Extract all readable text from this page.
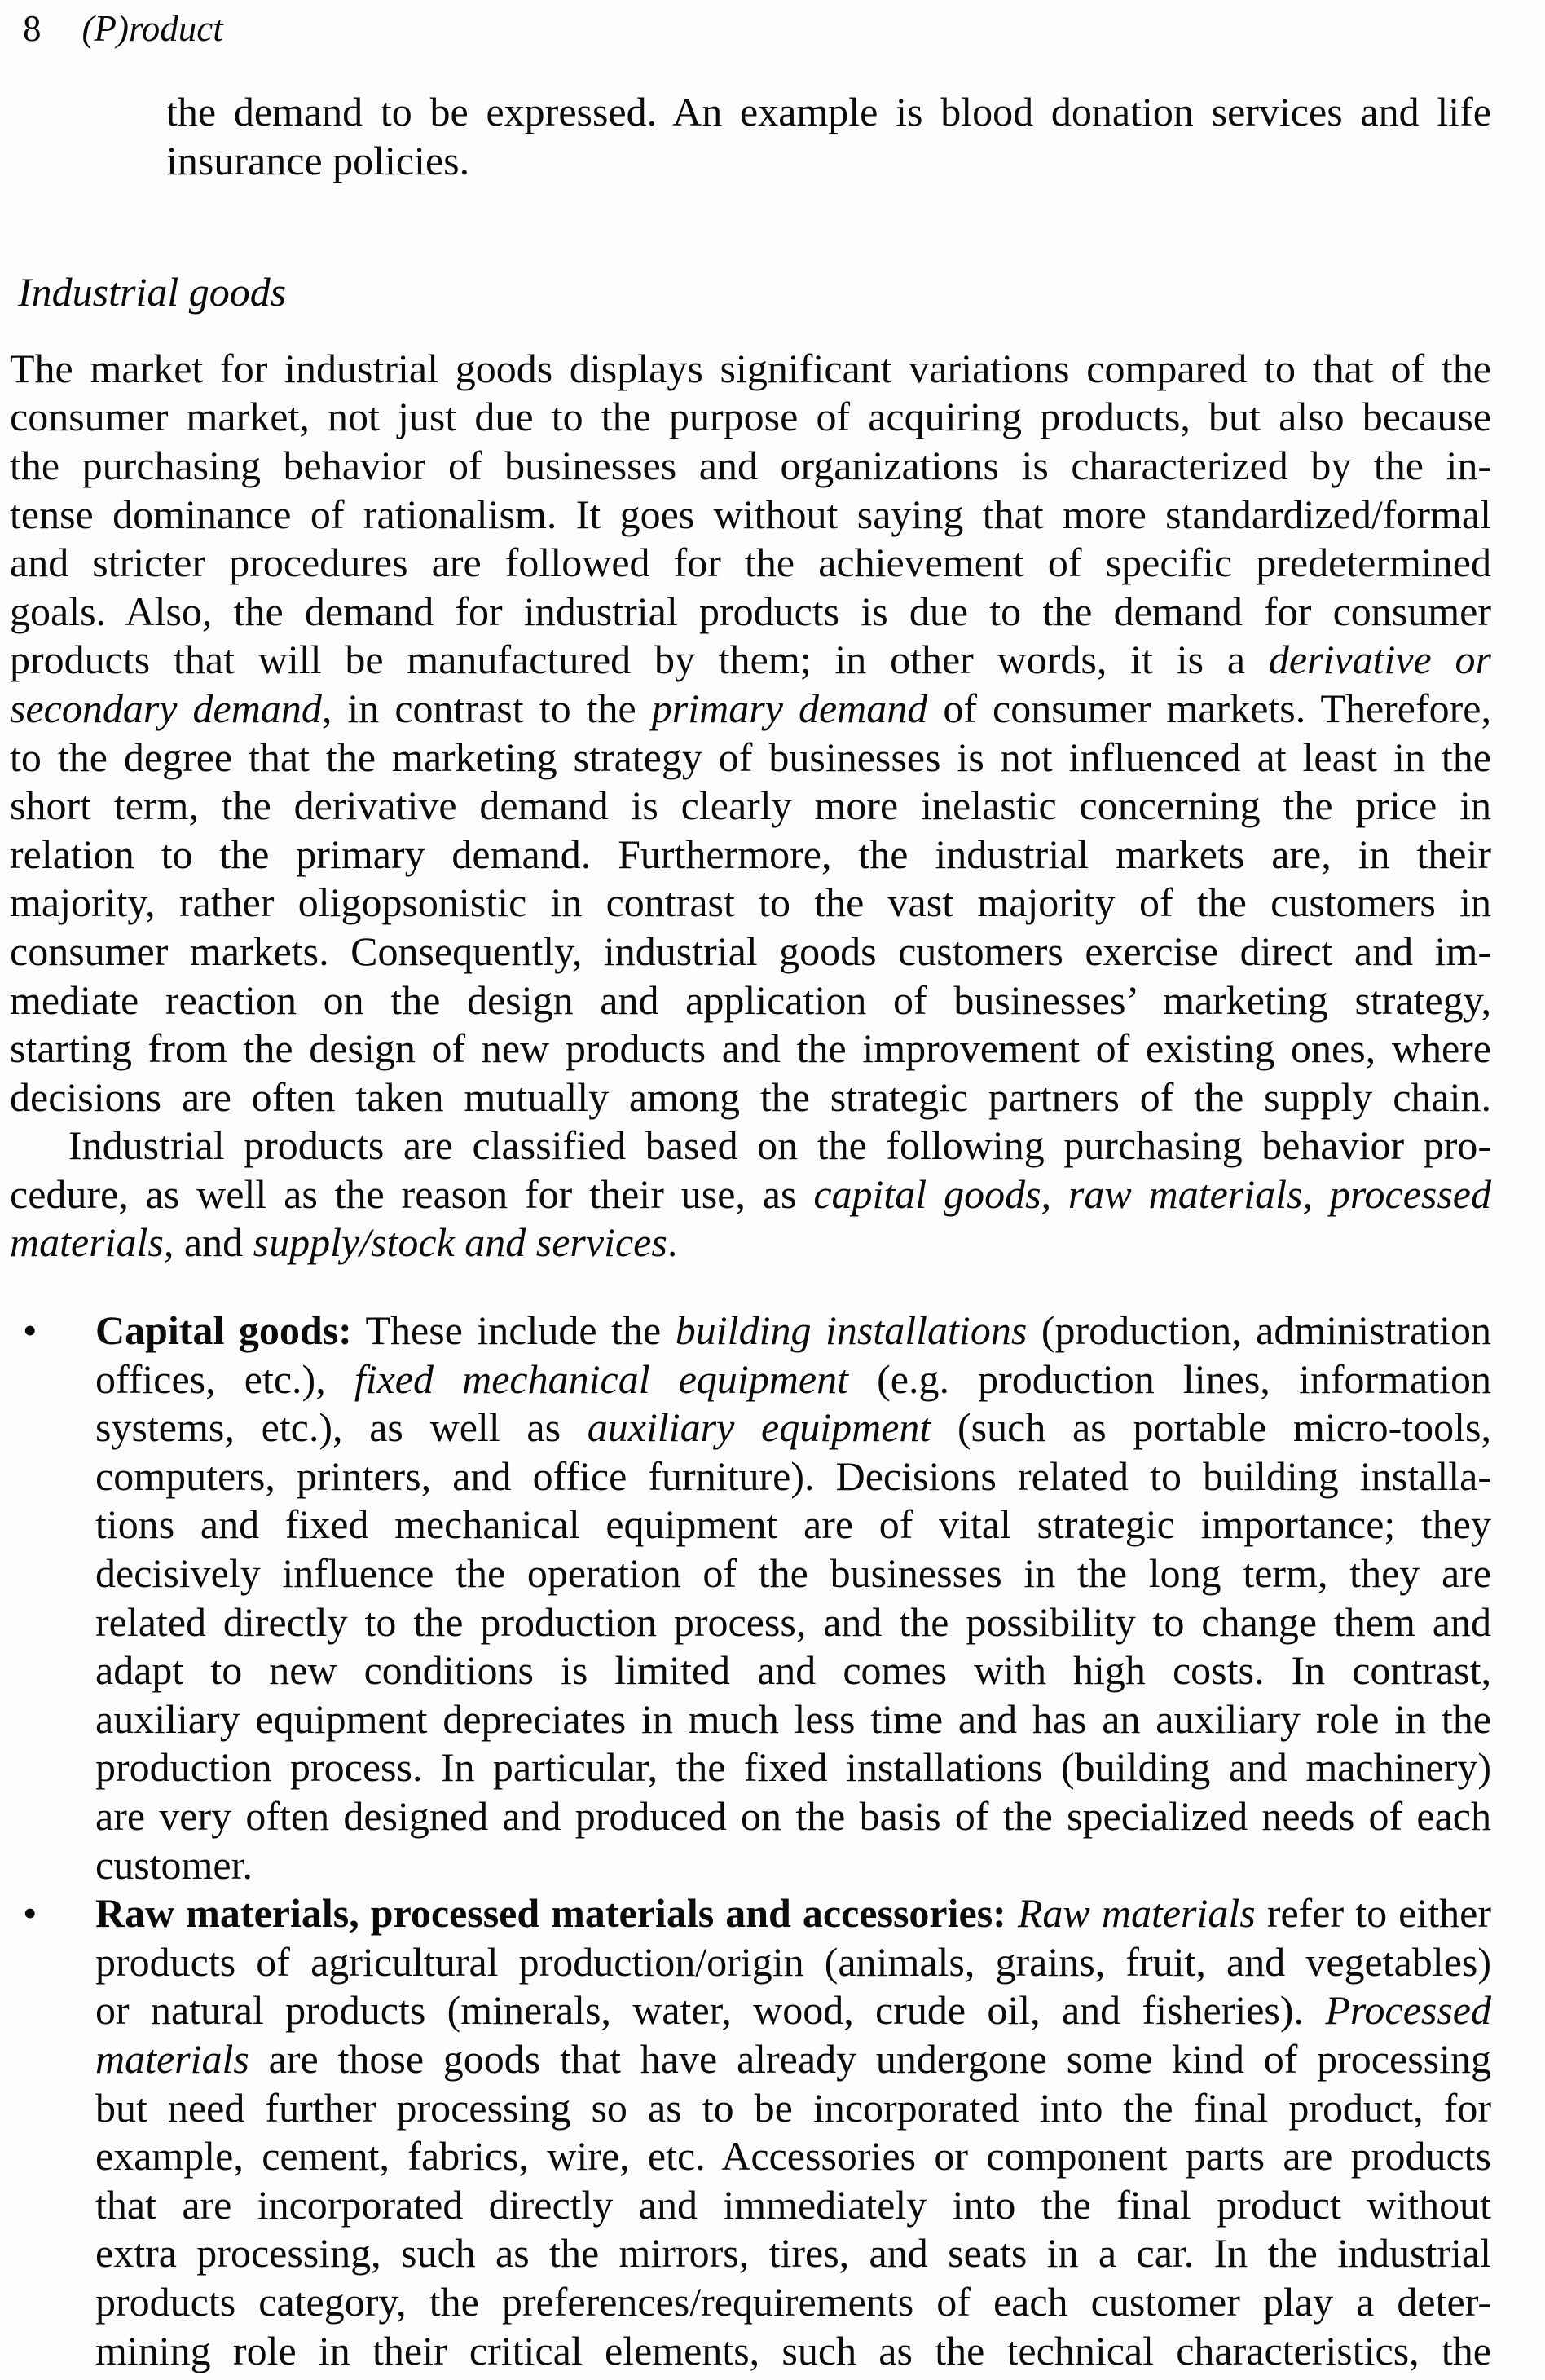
8 (P)roduct
the demand to be expressed. An example is blood donation services and life
insurance policies.
Industrial goods
The market for industrial goods displays significant variations compared to that of the
consumer market, not just due to the purpose of acquiring products, but also because
the purchasing behavior of businesses and organizations is characterized by the in-
tense dominance of rationalism. It goes without saying that more standardized/formal
and stricter procedures are followed for the achievement of specific predetermined
goals. Also, the demand for industrial products is due to the demand for consumer
products that will be manufactured by them; in other words, it is a derivative or
secondary demand, in contrast to the primary demand of consumer markets. Therefore,
to the degree that the marketing strategy of businesses is not influenced at least in the
short term, the derivative demand is clearly more inelastic concerning the price in
relation to the primary demand. Furthermore, the industrial markets are, in their
majority, rather oligopsonistic in contrast to the vast majority of the customers in
consumer markets. Consequently, industrial goods customers exercise direct and im-
mediate reaction on the design and application of businesses’ marketing strategy,
starting from the design of new products and the improvement of existing ones, where
decisions are often taken mutually among the strategic partners of the supply chain.
Industrial products are classified based on the following purchasing behavior pro-
cedure, as well as the reason for their use, as capital goods, raw materials, processed
materials, and supply/stock and services.
• Capital goods: These include the building installations (production, administration
offices, etc.), fixed mechanical equipment (e.g. production lines, information
systems, etc.), as well as auxiliary equipment (such as portable micro-tools,
computers, printers, and office furniture). Decisions related to building installa-
tions and fixed mechanical equipment are of vital strategic importance; they
decisively influence the operation of the businesses in the long term, they are
related directly to the production process, and the possibility to change them and
adapt to new conditions is limited and comes with high costs. In contrast,
auxiliary equipment depreciates in much less time and has an auxiliary role in the
production process. In particular, the fixed installations (building and machinery)
are very often designed and produced on the basis of the specialized needs of each
customer.
• Raw materials, processed materials and accessories: Raw materials refer to either
products of agricultural production/origin (animals, grains, fruit, and vegetables)
or natural products (minerals, water, wood, crude oil, and fisheries). Processed
materials are those goods that have already undergone some kind of processing
but need further processing so as to be incorporated into the final product, for
example, cement, fabrics, wire, etc. Accessories or component parts are products
that are incorporated directly and immediately into the final product without
extra processing, such as the mirrors, tires, and seats in a car. In the industrial
products category, the preferences/requirements of each customer play a deter-
mining role in their critical elements, such as the technical characteristics, the
